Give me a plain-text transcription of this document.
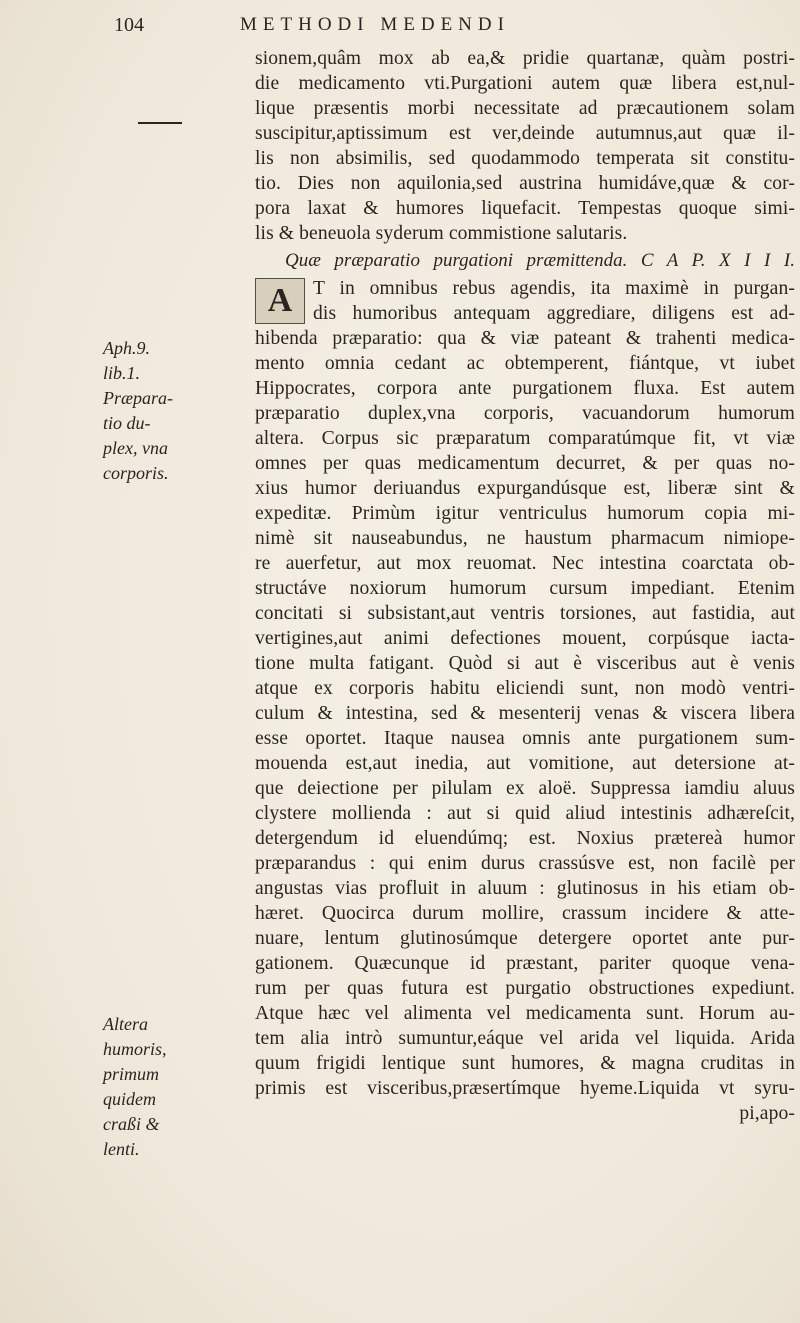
104	METHODI MEDENDI
Aph.9.
lib.1.
Præpara-
tio du-
plex, vna
corporis.
Altera
humoris,
primum
quidem
craßi &
lenti.
sionem,quâm mox ab ea,& pridie quartanæ, quàm postri-
die medicamento vti.Purgationi autem quæ libera est,nul-
lique præsentis morbi necessitate ad præcautionem solam
suscipitur,aptissimum est ver,deinde autumnus,aut quæ il-
lis non absimilis, sed quodammodo temperata sit constitu-
tio. Dies non aquilonia,sed austrina humidáve,quæ & cor-
pora laxat & humores liquefacit. Tempestas quoque simi-
lis & beneuola syderum commistione salutaris.
Quæ præparatio purgationi præmittenda. C A P. X I I I.
A	T in omnibus rebus agendis, ita maximè in purgan-
dis humoribus antequam aggrediare, diligens est ad-
hibenda præparatio: qua & viæ pateant & trahenti medica-
mento omnia cedant ac obtemperent, fiántque, vt iubet
Hippocrates, corpora ante purgationem fluxa. Est autem
præparatio duplex,vna corporis, vacuandorum humorum
altera. Corpus sic præparatum comparatúmque fit, vt viæ
omnes per quas medicamentum decurret, & per quas no-
xius humor deriuandus expurgandúsque est, liberæ sint &
expeditæ. Primùm igitur ventriculus humorum copia mi-
nimè sit nauseabundus, ne haustum pharmacum nimiope-
re auerfetur, aut mox reuomat. Nec intestina coarctata ob-
structáve noxiorum humorum cursum impediant. Etenim
concitati si subsistant,aut ventris torsiones, aut fastidia, aut
vertigines,aut animi defectiones mouent, corpúsque iacta-
tione multa fatigant. Quòd si aut è visceribus aut è venis
atque ex corporis habitu eliciendi sunt, non modò ventri-
culum & intestina, sed & mesenterij venas & viscera libera
esse oportet. Itaque nausea omnis ante purgationem sum-
mouenda est,aut inedia, aut vomitione, aut detersione at-
que deiectione per pilulam ex aloë. Suppressa iamdiu aluus
clystere mollienda : aut si quid aliud intestinis adhæreſcit,
detergendum id eluendúmq; est. Noxius prætereà humor
præparandus : qui enim durus crassúsve est, non facilè per
angustas vias profluit in aluum : glutinosus in his etiam ob-
hæret. Quocirca durum mollire, crassum incidere & atte-
nuare, lentum glutinosúmque detergere oportet ante pur-
gationem. Quæcunque id præstant, pariter quoque vena-
rum per quas futura est purgatio obstructiones expediunt.
Atque hæc vel alimenta vel medicamenta sunt. Horum au-
tem alia intrò sumuntur,eáque vel arida vel liquida. Arida
quum frigidi lentique sunt humores, & magna cruditas in
primis est visceribus,præsertímque hyeme.Liquida vt syru-
pi,apo-
